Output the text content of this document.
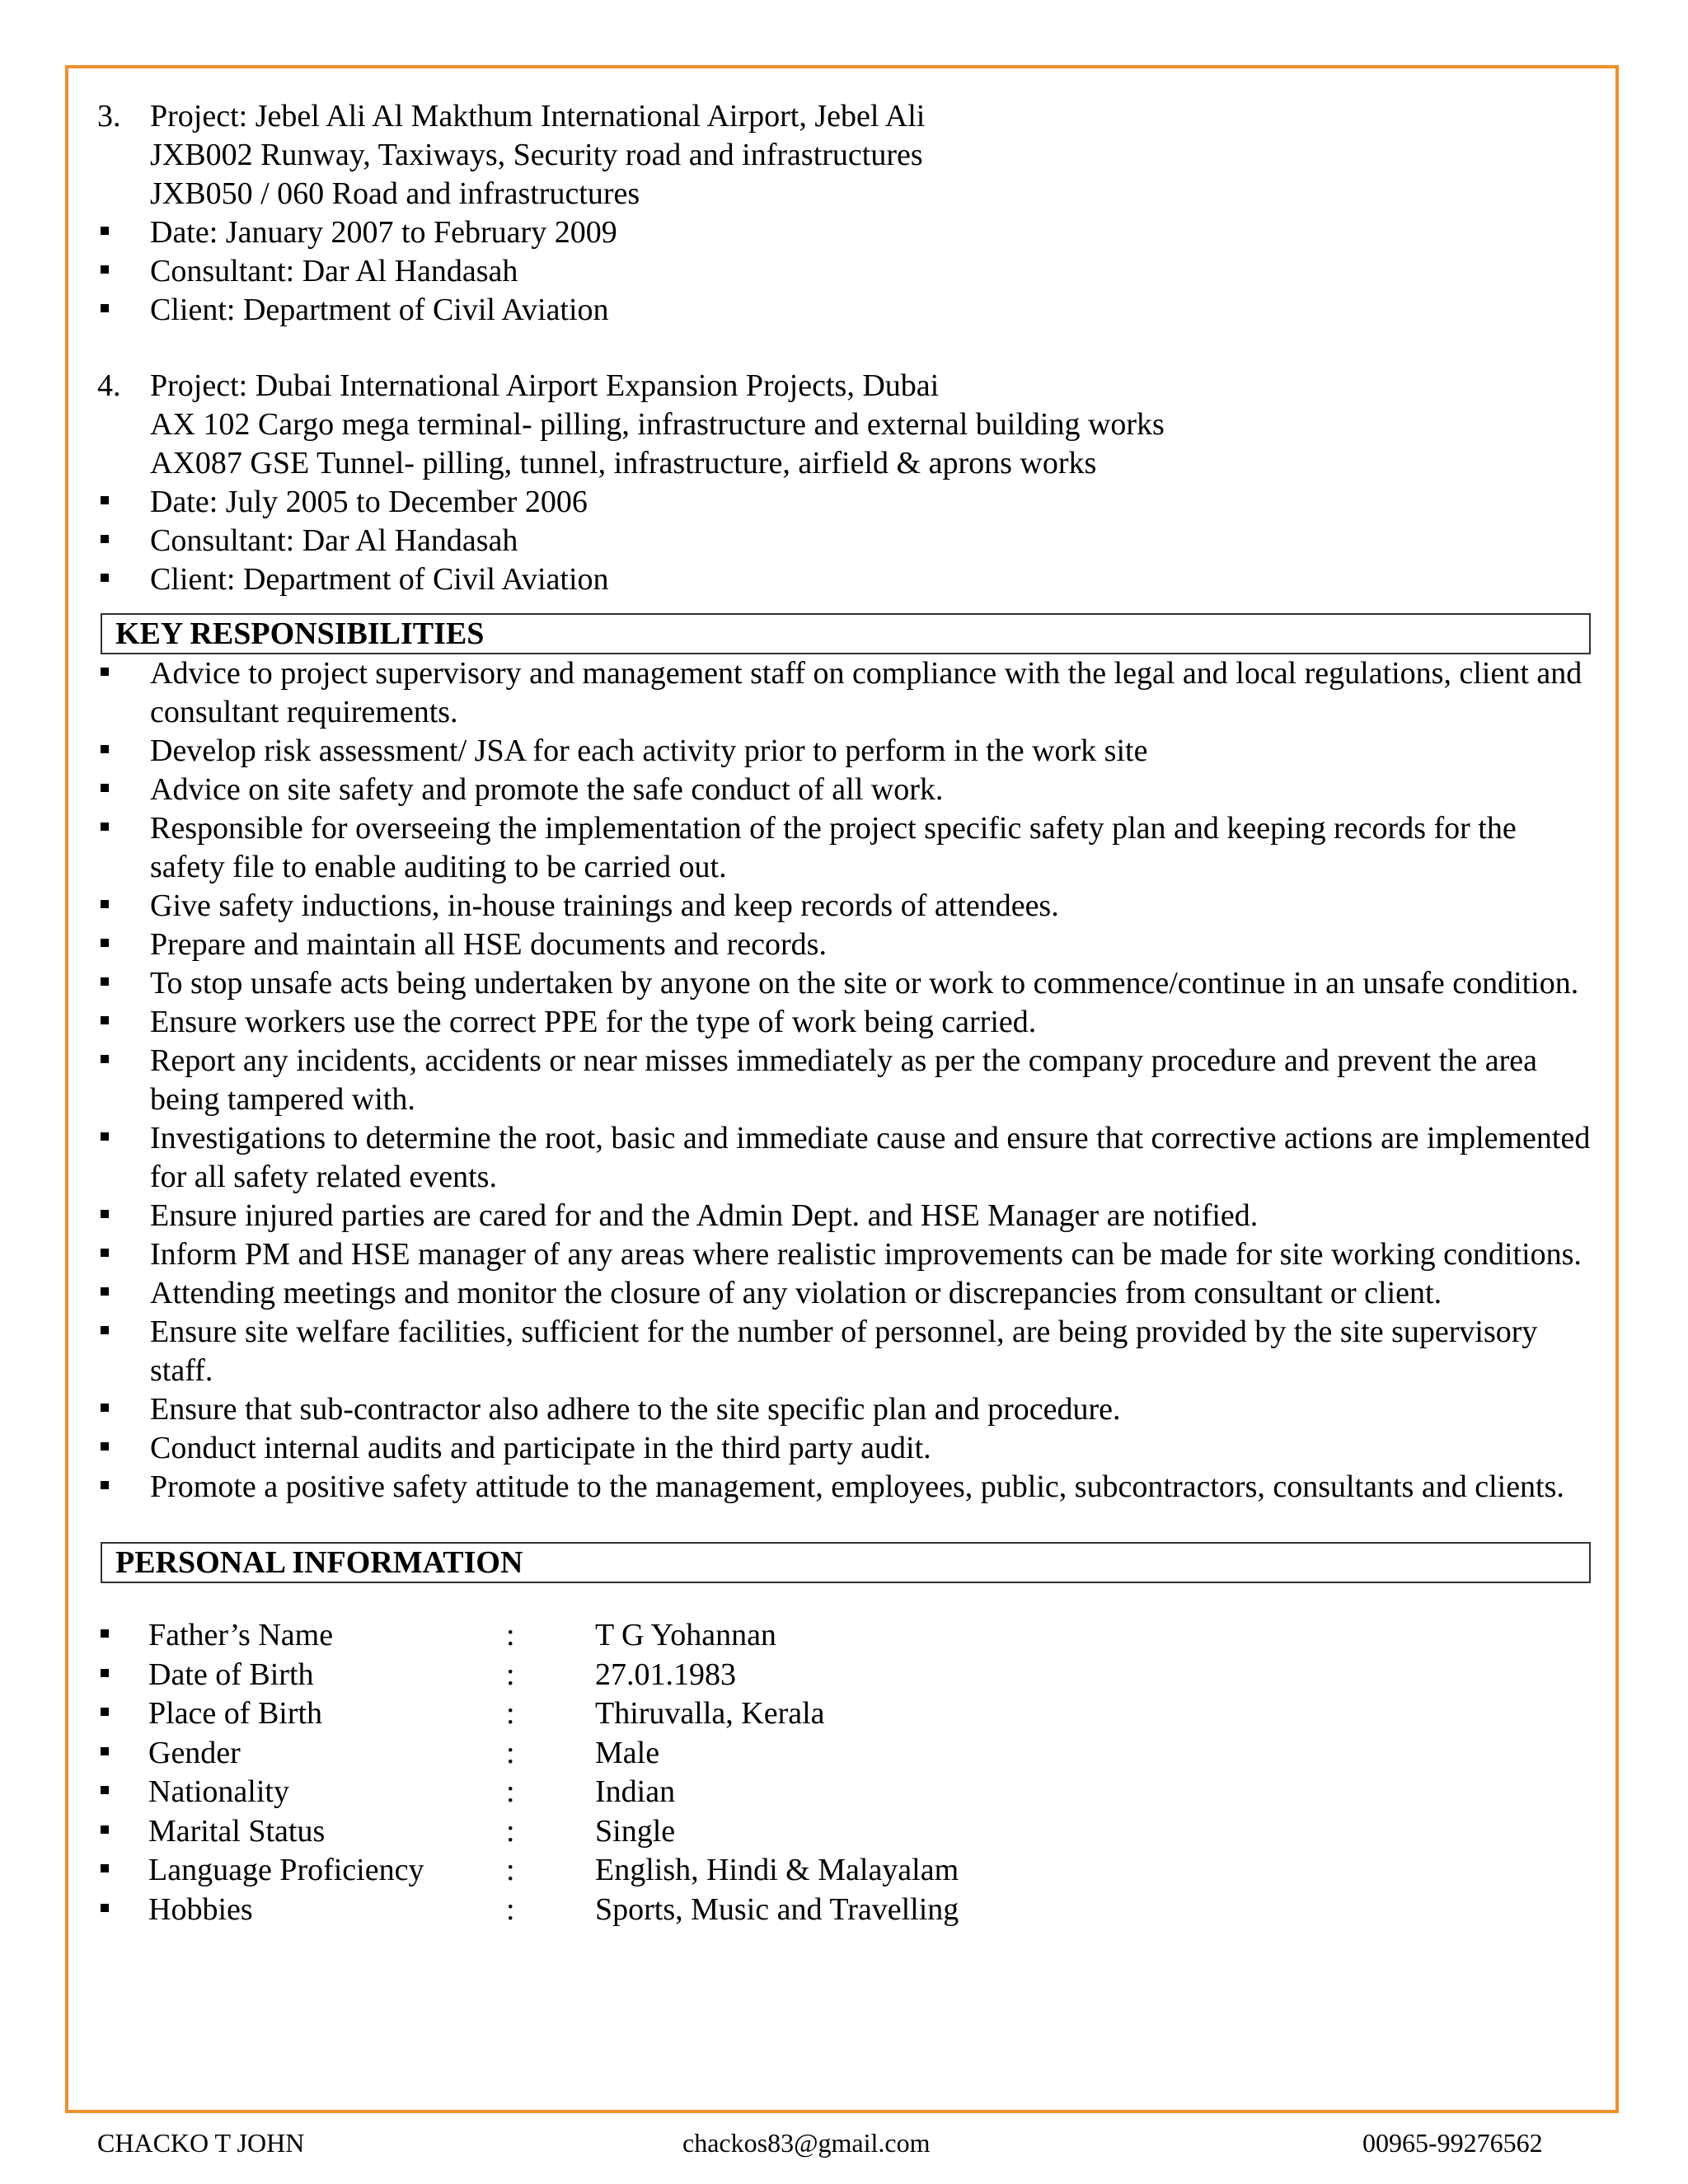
3. Project: Jebel Ali Al Makthum International Airport, Jebel Ali
JXB002 Runway, Taxiways, Security road and infrastructures
JXB050 / 060 Road and infrastructures
Date: January 2007 to February 2009
Consultant: Dar Al Handasah
Client: Department of Civil Aviation
4. Project: Dubai International Airport Expansion Projects, Dubai
AX 102 Cargo mega terminal- pilling, infrastructure and external building works
AX087 GSE Tunnel- pilling, tunnel, infrastructure, airfield & aprons works
Date: July 2005 to December 2006
Consultant: Dar Al Handasah
Client: Department of Civil Aviation
KEY RESPONSIBILITIES
Advice to project supervisory and management staff on compliance with the legal and local regulations, client and consultant requirements.
Develop risk assessment/ JSA for each activity prior to perform in the work site
Advice on site safety and promote the safe conduct of all work.
Responsible for overseeing the implementation of the project specific safety plan and keeping records for the safety file to enable auditing to be carried out.
Give safety inductions, in-house trainings and keep records of attendees.
Prepare and maintain all HSE documents and records.
To stop unsafe acts being undertaken by anyone on the site or work to commence/continue in an unsafe condition.
Ensure workers use the correct PPE for the type of work being carried.
Report any incidents, accidents or near misses immediately as per the company procedure and prevent the area being tampered with.
Investigations to determine the root, basic and immediate cause and ensure that corrective actions are implemented for all safety related events.
Ensure injured parties are cared for and the Admin Dept. and HSE Manager are notified.
Inform PM and HSE manager of any areas where realistic improvements can be made for site working conditions.
Attending meetings and monitor the closure of any violation or discrepancies from consultant or client.
Ensure site welfare facilities, sufficient for the number of personnel, are being provided by the site supervisory staff.
Ensure that sub-contractor also adhere to the site specific plan and procedure.
Conduct internal audits and participate in the third party audit.
Promote a positive safety attitude to the management, employees, public, subcontractors, consultants and clients.
PERSONAL INFORMATION
Father’s Name	:	T G Yohannan
Date of Birth	:	27.01.1983
Place of Birth	:	Thiruvalla, Kerala
Gender	:	Male
Nationality	:	Indian
Marital Status	:	Single
Language Proficiency	:	English, Hindi & Malayalam
Hobbies	:	Sports, Music and Travelling
CHACKO T JOHN	chackos83@gmail.com	00965-99276562
